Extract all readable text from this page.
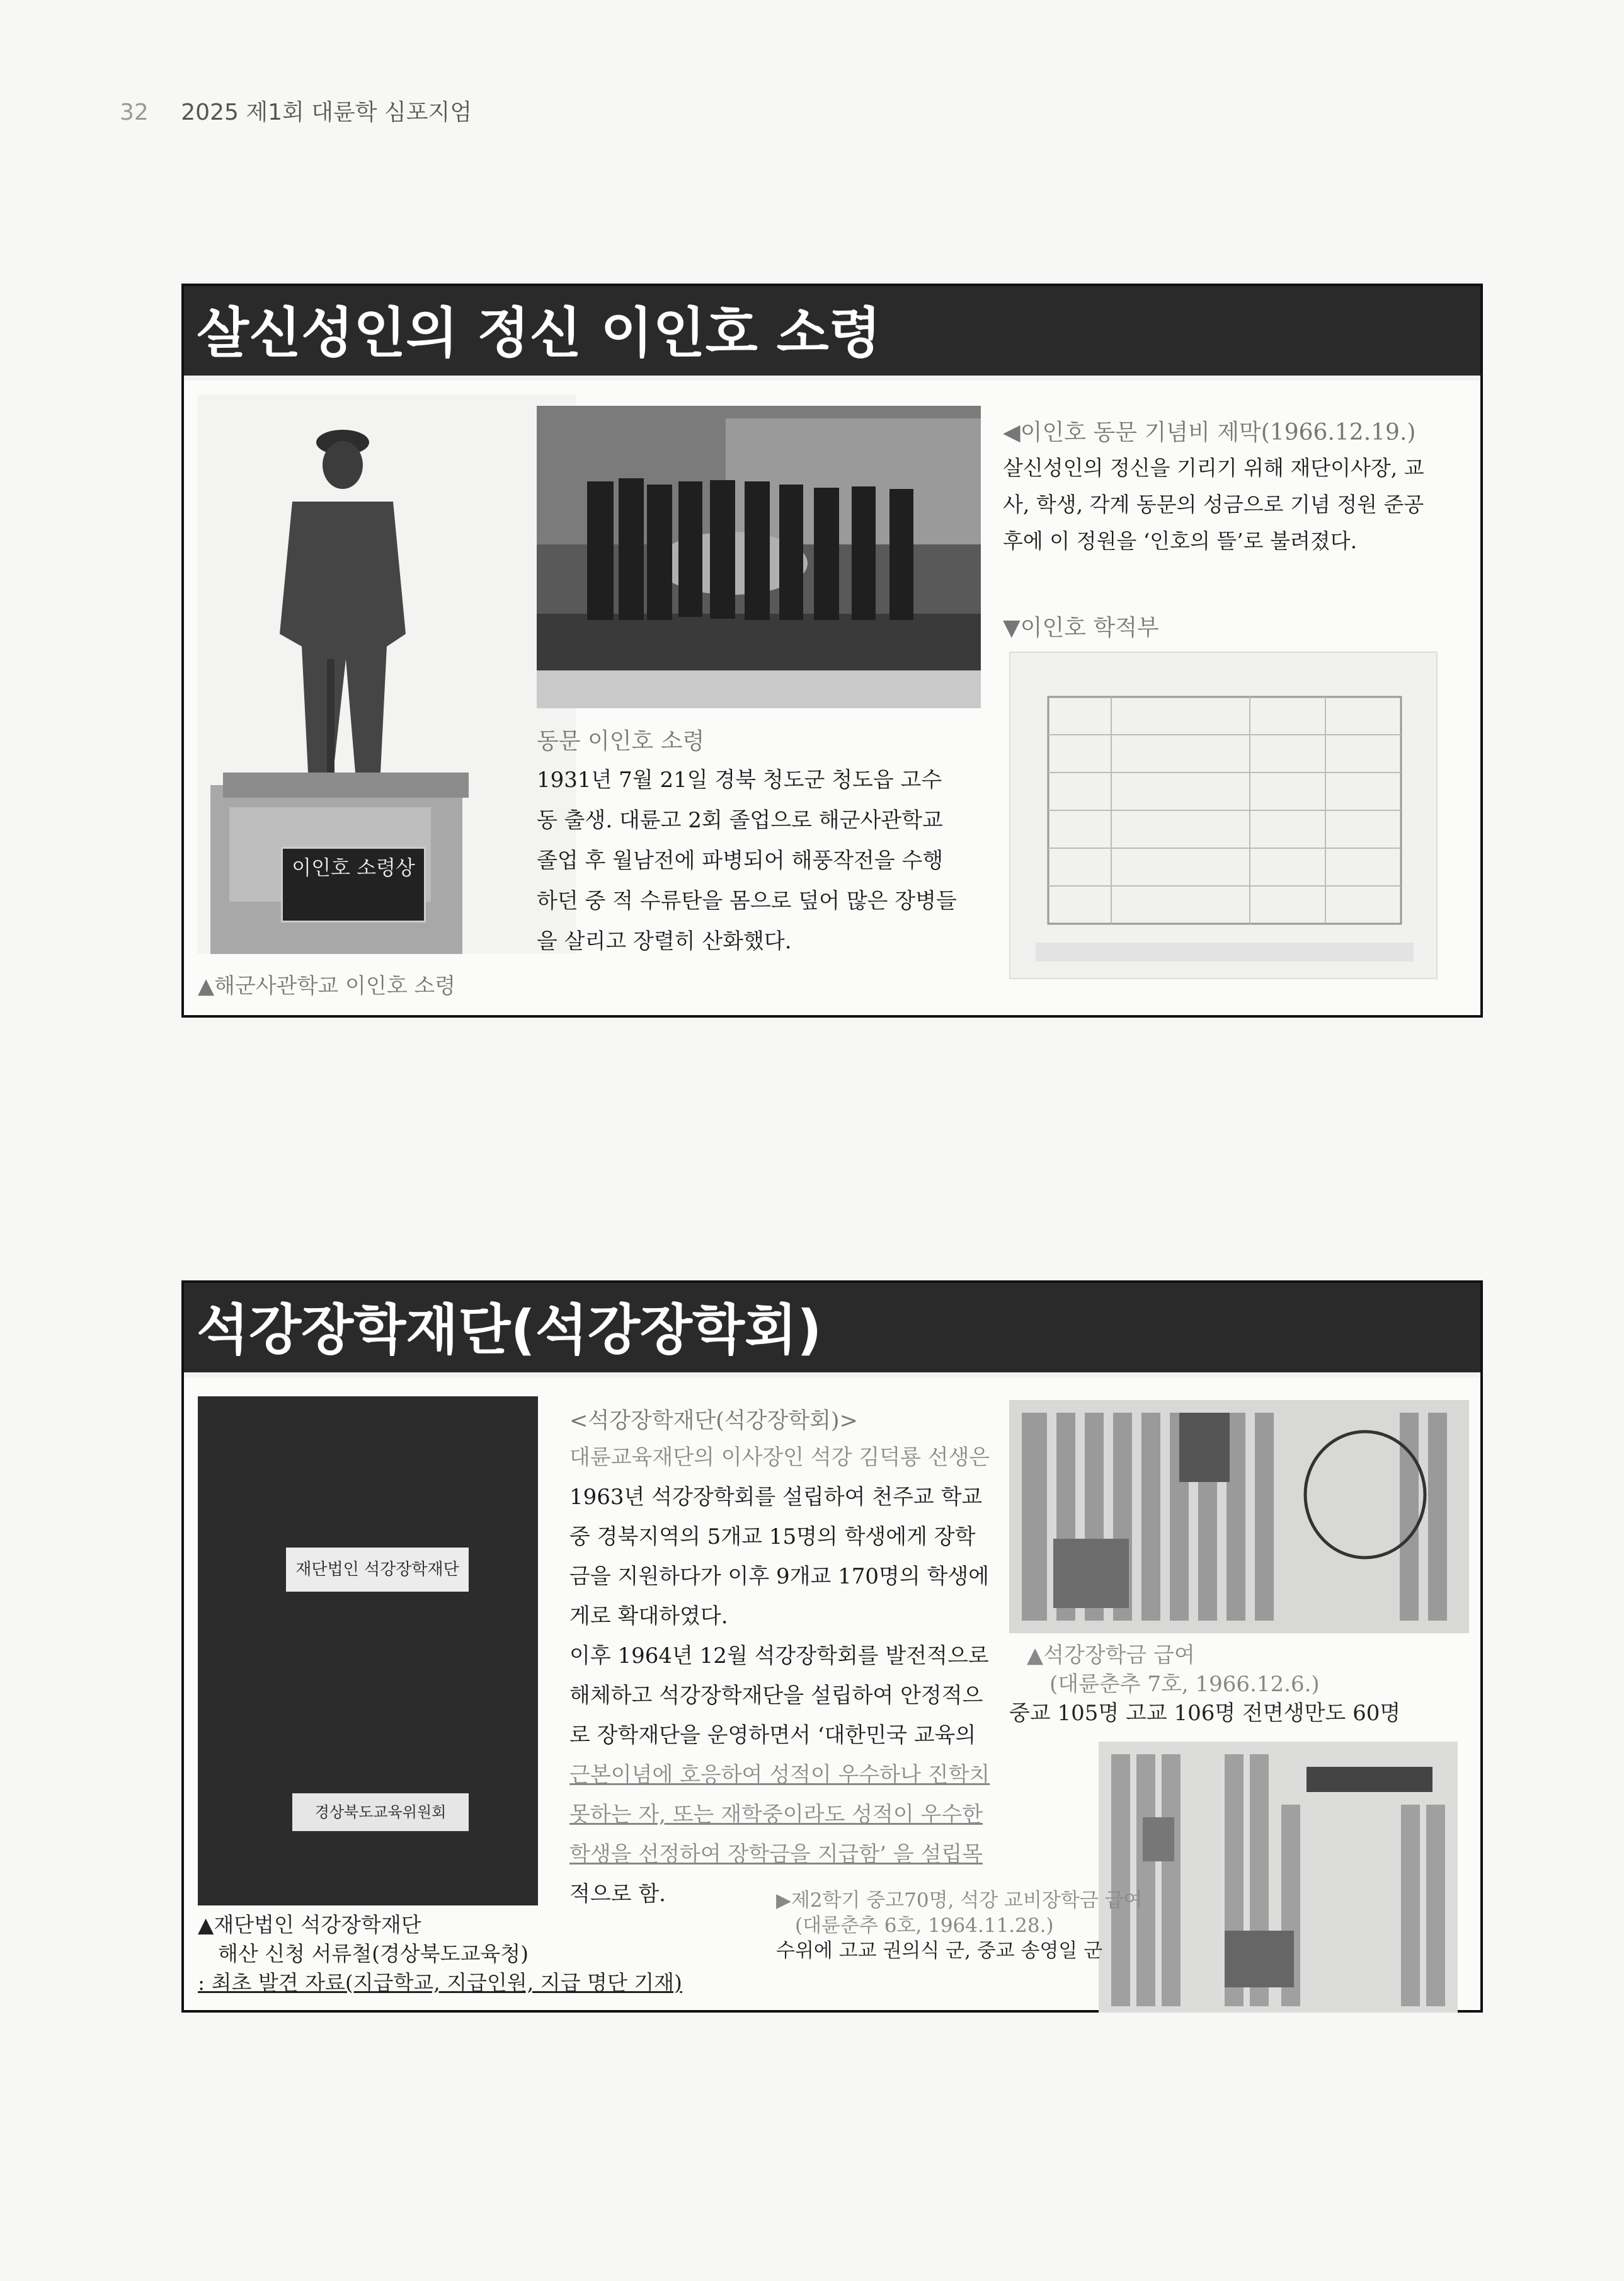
32 2025 제1회 대륜학 심포지엄
살신성인의 정신 이인호 소령
이인호 소령상
▲해군사관학교 이인호 소령
◀이인호 동문 기념비 제막(1966.12.19.)
살신성인의 정신을 기리기 위해 재단이사장, 교
사, 학생, 각계 동문의 성금으로 기념 정원 준공
후에 이 정원을 ‘인호의 뜰’로 불려졌다.
▼이인호 학적부
동문 이인호 소령
1931년 7월 21일 경북 청도군 청도읍 고수
동 출생. 대륜고 2회 졸업으로 해군사관학교
졸업 후 월남전에 파병되어 해풍작전을 수행
하던 중 적 수류탄을 몸으로 덮어 많은 장병들
을 살리고 장렬히 산화했다.
석강장학재단(석강장학회)
재단법인 석강장학재단
경상북도교육위원회
▲재단법인 석강장학재단
해산 신청 서류철(경상북도교육청)
: 최초 발견 자료(지급학교, 지급인원, 지급 명단 기재)
<석강장학재단(석강장학회)>
대륜교육재단의 이사장인 석강 김덕룡 선생은
1963년 석강장학회를 설립하여 천주교 학교
중 경북지역의 5개교 15명의 학생에게 장학
금을 지원하다가 이후 9개교 170명의 학생에
게로 확대하였다.
이후 1964년 12월 석강장학회를 발전적으로
해체하고 석강장학재단을 설립하여 안정적으
로 장학재단을 운영하면서 ‘대한민국 교육의
근본이념에 호응하여 성적이 우수하나 진학치
못하는 자, 또는 재학중이라도 성적이 우수한
학생을 선정하여 장학금을 지급함’ 을 설립목
적으로 함.
▲석강장학금 급여
(대륜춘추 7호, 1966.12.6.)
중교 105명 고교 106명 전면생만도 60명
▶제2학기 중고70명, 석강 교비장학금 급여
(대륜춘추 6호, 1964.11.28.)
수위에 고교 권의식 군, 중교 송영일 군
